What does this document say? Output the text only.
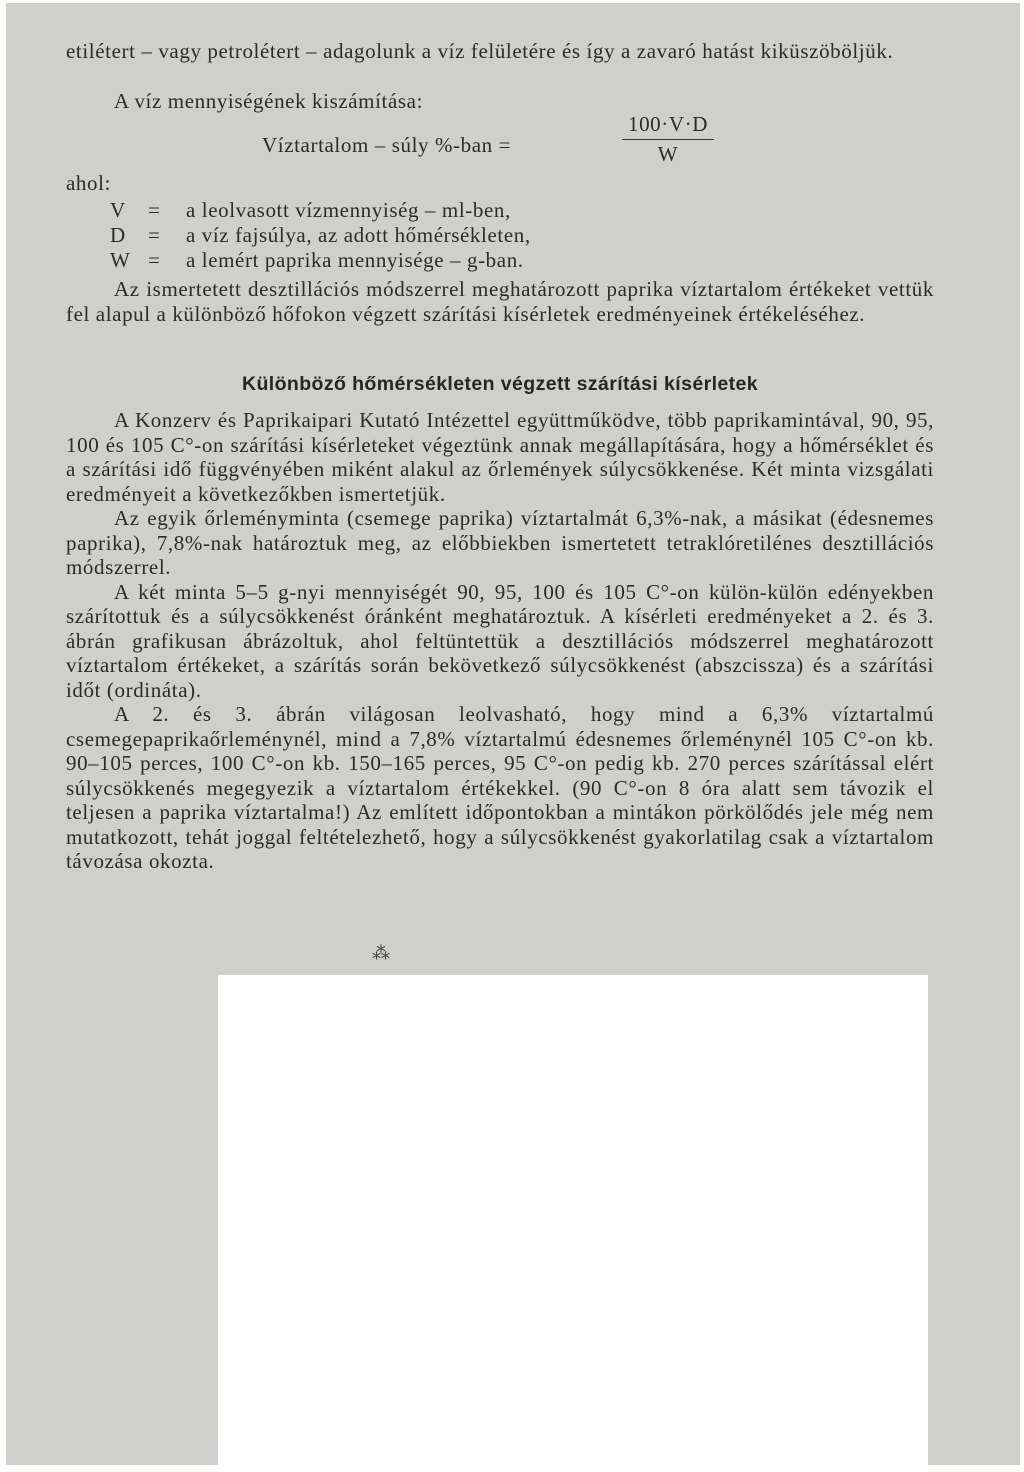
etilétert – vagy petrolétert – adagolunk a víz felületére és így a zavaró hatást kiküszöböljük.

A víz mennyiségének kiszámítása:

Víztartalom – súly %-ban =
100·V·D
W
ahol:
V	=	a leolvasott vízmennyiség – ml-ben,
D	=	a víz fajsúlya, az adott hőmérsékleten,
W =	a lemért paprika mennyisége – g-ban.

Az ismertetett desztillációs módszerrel meghatározott paprika víztartalom értékeket vettük fel alapul a különböző hőfokon végzett szárítási kísérletek eredményeinek értékeléséhez.

Különböző hőmérsékleten végzett szárítási kísérletek

A Konzerv és Paprikaipari Kutató Intézettel együttműködve, több paprikamintával, 90, 95, 100 és 105 C°-on szárítási kísérleteket végeztünk annak megállapítására, hogy a hőmérséklet és a szárítási idő függvényében miként alakul az őrlemények súlycsökkenése. Két minta vizsgálati eredményeit a következőkben ismertetjük.

Az egyik őrleményminta (csemege paprika) víztartalmát 6,3%-nak, a másikat (édesnemes paprika), 7,8%-nak határoztuk meg, az előbbiekben ismertetett tetraklóretilénes desztillációs módszerrel.

A két minta 5–5 g-nyi mennyiségét 90, 95, 100 és 105 C°-on külön-külön edényekben szárítottuk és a súlycsökkenést óránként meghatároztuk. A kísérleti eredményeket a 2. és 3. ábrán grafikusan ábrázoltuk, ahol feltüntettük a desztillációs módszerrel meghatározott víztartalom értékeket, a szárítás során bekövetkező súlycsökkenést (abszcissza) és a szárítási időt (ordináta).

A 2. és 3. ábrán világosan leolvasható, hogy mind a 6,3% víztartalmú csemegepaprikaőrleménynél, mind a 7,8% víztartalmú édesnemes őrleménynél 105 C°-on kb. 90–105 perces, 100 C°-on kb. 150–165 perces, 95 C°-on pedig kb. 270 perces szárítással elért súlycsökkenés megegyezik a víztartalom értékekkel. (90 C°-on 8 óra alatt sem távozik el teljesen a paprika víztartalma!) Az említett időpontokban a mintákon pörkölődés jele még nem mutatkozott, tehát joggal feltételezhető, hogy a súlycsökkenést gyakorlatilag csak a víztartalom távozása okozta.

⁂
